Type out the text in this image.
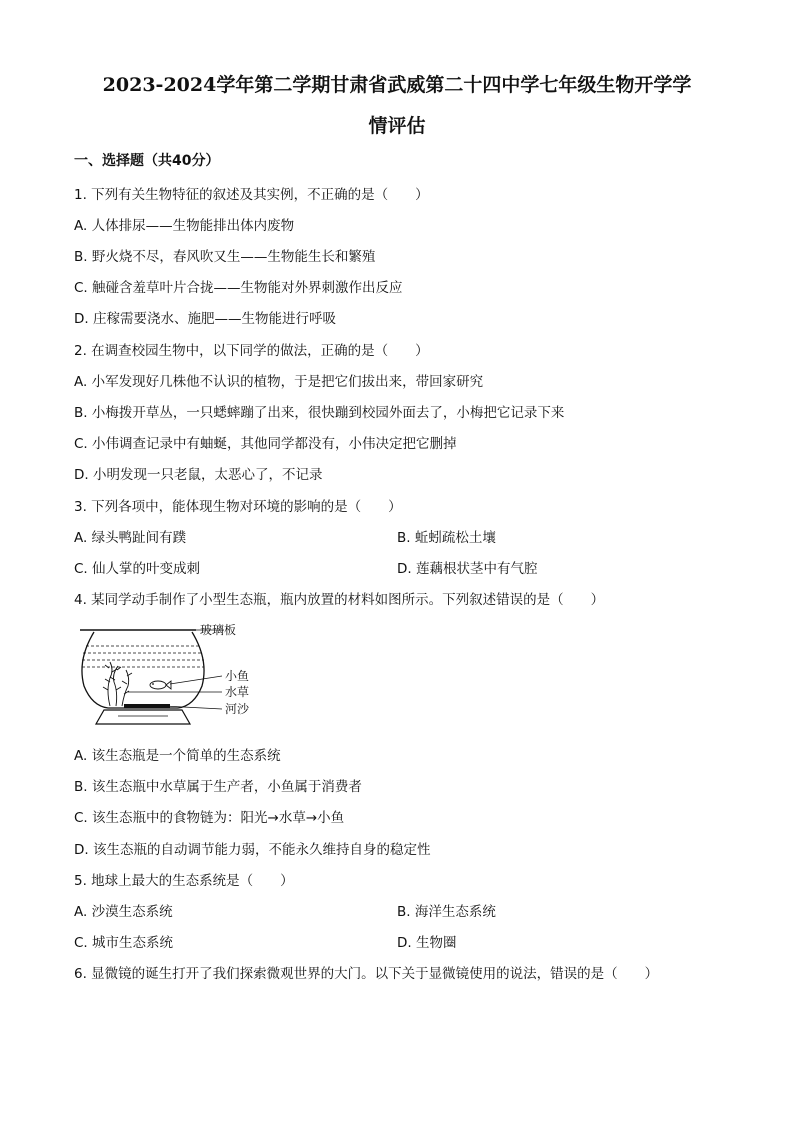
2023-2024学年第二学期甘肃省武威第二十四中学七年级生物开学学
情评估
一、选择题（共40分）
1. 下列有关生物特征的叙述及其实例，不正确的是（　　）
A. 人体排尿——生物能排出体内废物
B. 野火烧不尽，春风吹又生——生物能生长和繁殖
C. 触碰含羞草叶片合拢——生物能对外界刺激作出反应
D. 庄稼需要浇水、施肥——生物能进行呼吸
2. 在调查校园生物中，以下同学的做法，正确的是（　　）
A. 小军发现好几株他不认识的植物，于是把它们拔出来，带回家研究
B. 小梅拨开草丛，一只蟋蟀蹦了出来，很快蹦到校园外面去了，小梅把它记录下来
C. 小伟调查记录中有蚰蜒，其他同学都没有，小伟决定把它删掉
D. 小明发现一只老鼠，太恶心了，不记录
3. 下列各项中，能体现生物对环境的影响的是（　　）
A. 绿头鸭趾间有蹼	B. 蚯蚓疏松土壤
C. 仙人掌的叶变成刺	D. 莲藕根状茎中有气腔
4. 某同学动手制作了小型生态瓶，瓶内放置的材料如图所示。下列叙述错误的是（　　）
玻璃板
小鱼
水草
河沙
A. 该生态瓶是一个简单的生态系统
B. 该生态瓶中水草属于生产者，小鱼属于消费者
C. 该生态瓶中的食物链为：阳光→水草→小鱼
D. 该生态瓶的自动调节能力弱，不能永久维持自身的稳定性
5. 地球上最大的生态系统是（　　）
A. 沙漠生态系统	B. 海洋生态系统
C. 城市生态系统	D. 生物圈
6. 显微镜的诞生打开了我们探索微观世界的大门。以下关于显微镜使用的说法，错误的是（　　）
